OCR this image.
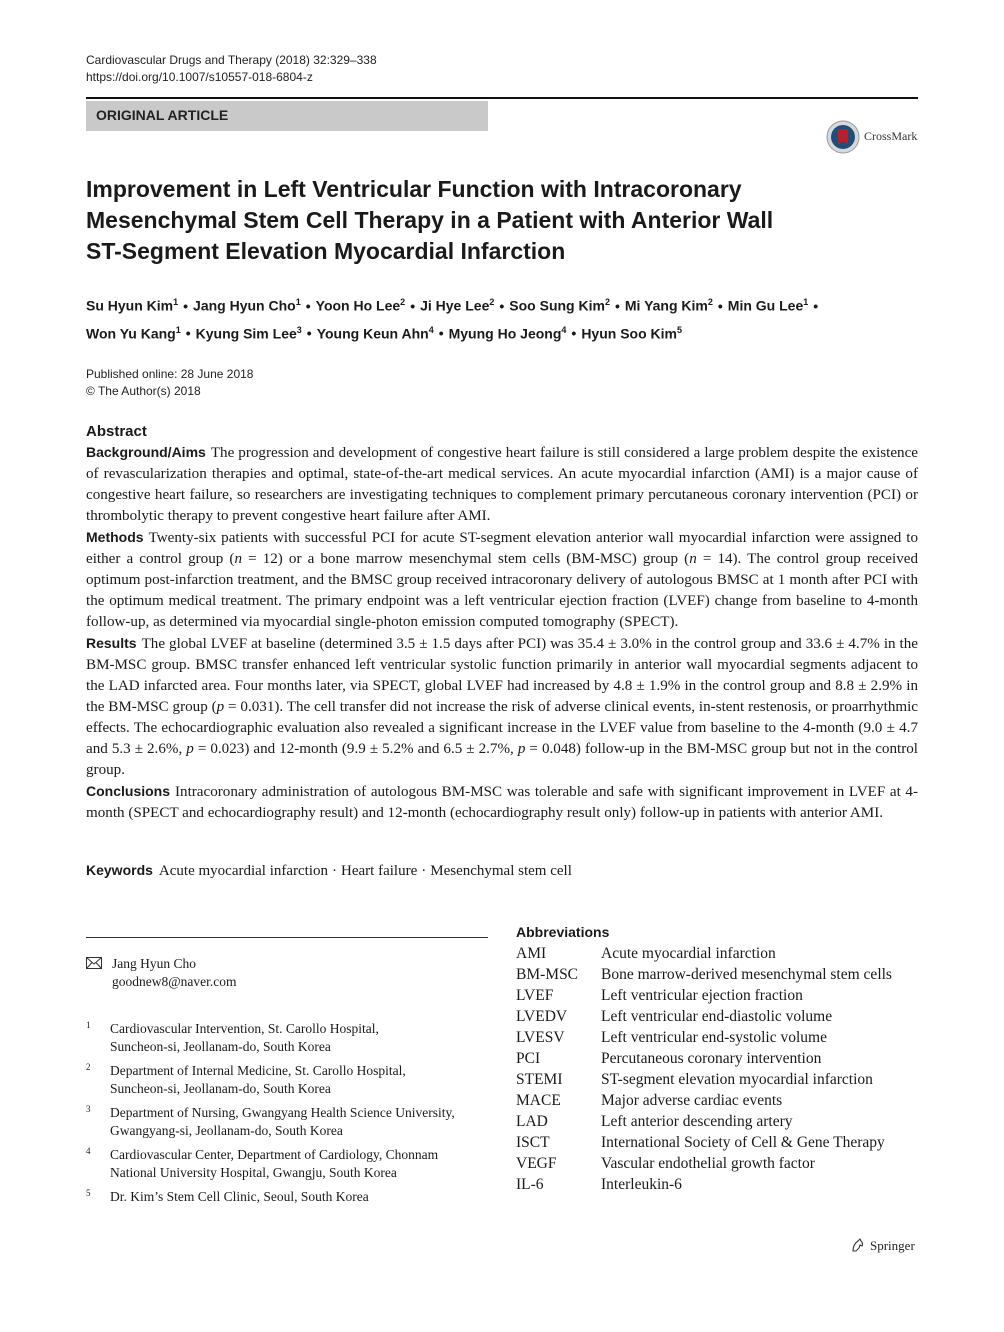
Cardiovascular Drugs and Therapy (2018) 32:329–338
https://doi.org/10.1007/s10557-018-6804-z
ORIGINAL ARTICLE
CrossMark
Improvement in Left Ventricular Function with Intracoronary
Mesenchymal Stem Cell Therapy in a Patient with Anterior Wall
ST-Segment Elevation Myocardial Infarction
Su Hyun Kim$^1$ • Jang Hyun Cho$^1$ • Yoon Ho Lee$^2$ • Ji Hye Lee$^2$ • Soo Sung Kim$^2$ • Mi Yang Kim$^2$ • Min Gu Lee$^1$ •
Won Yu Kang$^1$ • Kyung Sim Lee$^3$ • Young Keun Ahn$^4$ • Myung Ho Jeong$^4$ • Hyun Soo Kim$^5$
Published online: 28 June 2018
© The Author(s) 2018
Abstract

Background/Aims The progression and development of congestive heart failure is still considered a large problem despite the existence of revascularization therapies and optimal, state-of-the-art medical services. An acute myocardial infarction (AMI) is a major cause of congestive heart failure, so researchers are investigating techniques to complement primary percutaneous coronary intervention (PCI) or thrombolytic therapy to prevent congestive heart failure after AMI.

Methods Twenty-six patients with successful PCI for acute ST-segment elevation anterior wall myocardial infarction were assigned to either a control group (n = 12) or a bone marrow mesenchymal stem cells (BM-MSC) group (n = 14). The control group received optimum post-infarction treatment, and the BMSC group received intracoronary delivery of autologous BMSC at 1 month after PCI with the optimum medical treatment. The primary endpoint was a left ventricular ejection fraction (LVEF) change from baseline to 4-month follow-up, as determined via myocardial single-photon emission computed tomography (SPECT).

Results The global LVEF at baseline (determined 3.5 ± 1.5 days after PCI) was 35.4 ± 3.0% in the control group and 33.6 ± 4.7% in the BM-MSC group. BMSC transfer enhanced left ventricular systolic function primarily in anterior wall myocardial segments adjacent to the LAD infarcted area. Four months later, via SPECT, global LVEF had increased by 4.8 ± 1.9% in the control group and 8.8 ± 2.9% in the BM-MSC group (p = 0.031). The cell transfer did not increase the risk of adverse clinical events, in-stent restenosis, or proarrhythmic effects. The echocardiographic evaluation also revealed a significant increase in the LVEF value from baseline to the 4-month (9.0 ± 4.7 and 5.3 ± 2.6%, p = 0.023) and 12-month (9.9 ± 5.2% and 6.5 ± 2.7%, p = 0.048) follow-up in the BM-MSC group but not in the control group.

Conclusions Intracoronary administration of autologous BM-MSC was tolerable and safe with significant improvement in LVEF at 4-month (SPECT and echocardiography result) and 12-month (echocardiography result only) follow-up in patients with anterior AMI.

Keywords Acute myocardial infarction · Heart failure · Mesenchymal stem cell
Jang Hyun Cho
goodnew8@naver.com
1 Cardiovascular Intervention, St. Carollo Hospital,
Suncheon-si, Jeollanam-do, South Korea
2 Department of Internal Medicine, St. Carollo Hospital,
Suncheon-si, Jeollanam-do, South Korea
3 Department of Nursing, Gwangyang Health Science University,
Gwangyang-si, Jeollanam-do, South Korea
4 Cardiovascular Center, Department of Cardiology, Chonnam
National University Hospital, Gwangju, South Korea
5 Dr. Kim’s Stem Cell Clinic, Seoul, South Korea
Abbreviations
AMI	Acute myocardial infarction
BM-MSC	Bone marrow-derived mesenchymal stem cells
LVEF	Left ventricular ejection fraction
LVEDV	Left ventricular end-diastolic volume
LVESV	Left ventricular end-systolic volume
PCI	Percutaneous coronary intervention
STEMI	ST-segment elevation myocardial infarction
MACE	Major adverse cardiac events
LAD	Left anterior descending artery
ISCT	International Society of Cell & Gene Therapy
VEGF	Vascular endothelial growth factor
IL-6	Interleukin-6
Springer
